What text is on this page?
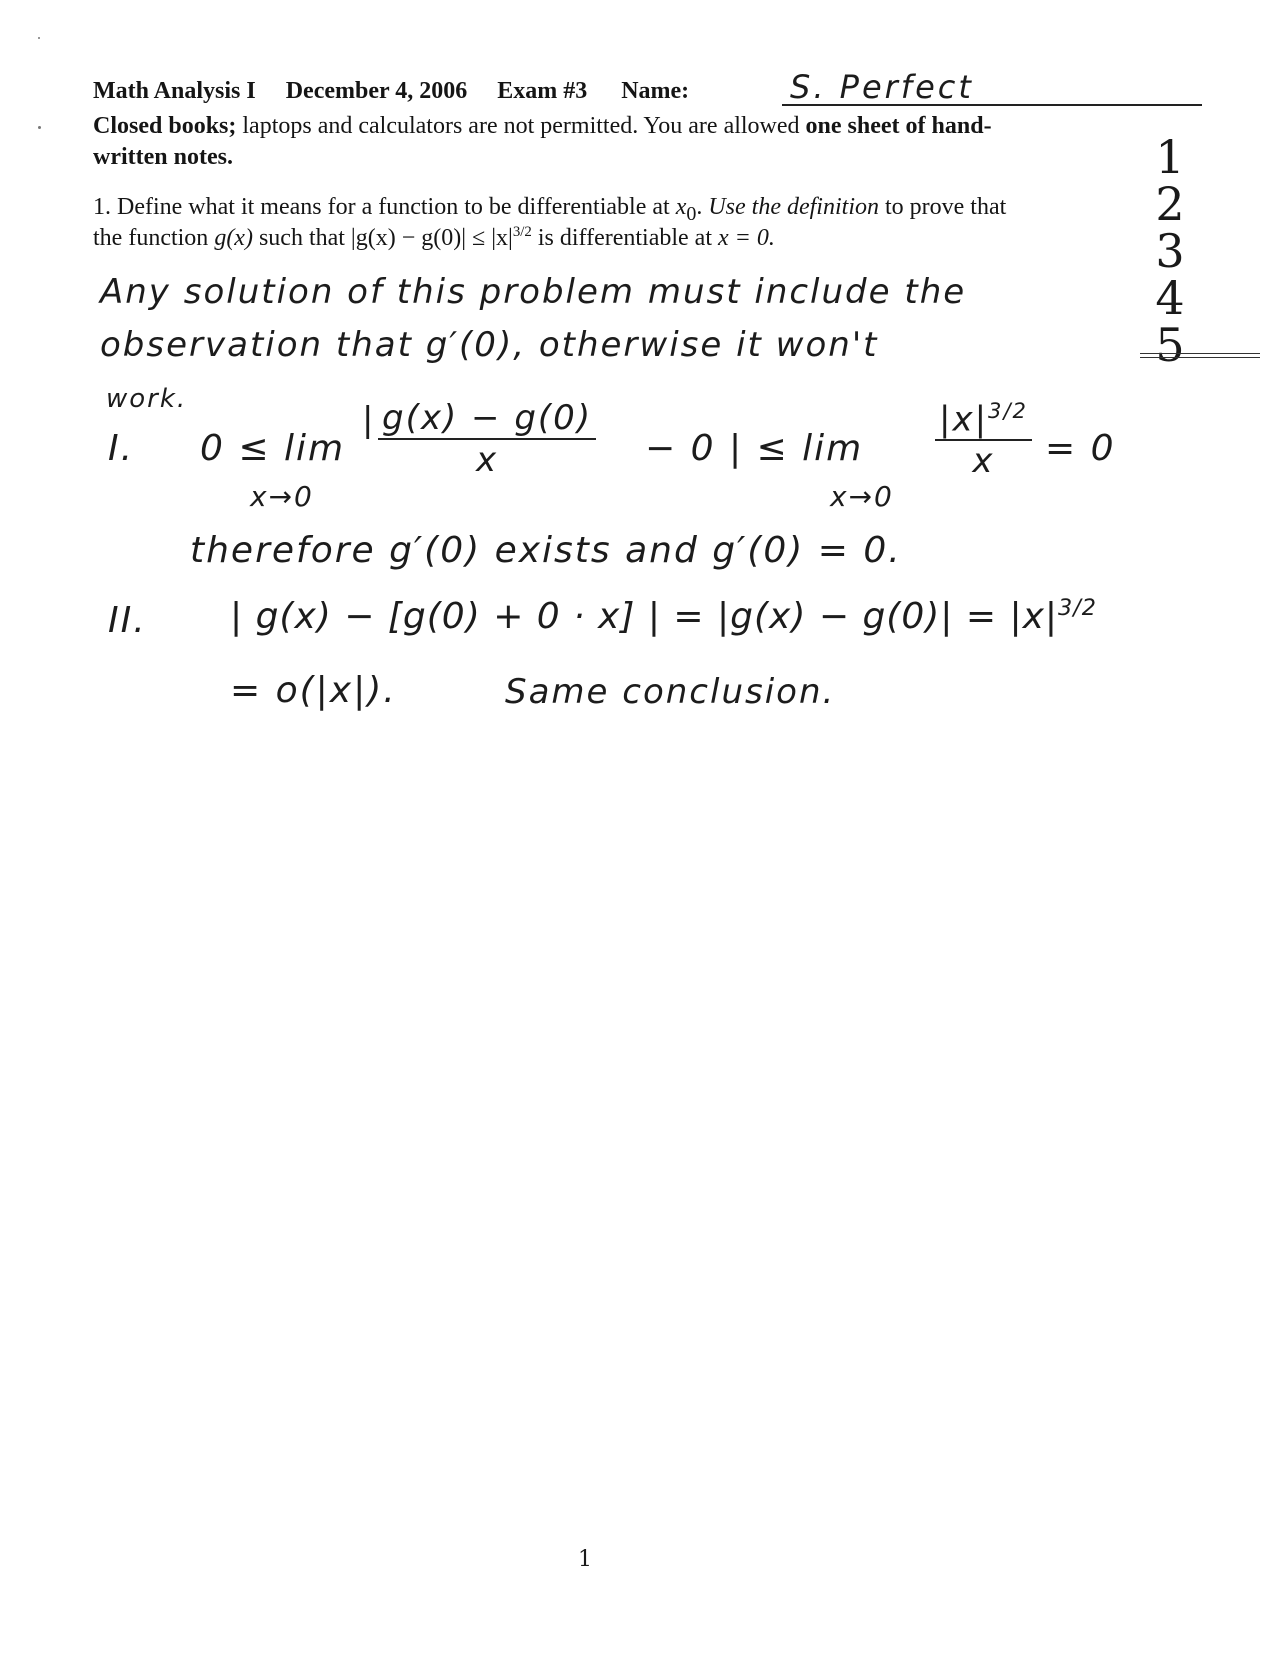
Math Analysis I December 4, 2006 Exam #3 Name:	S. Perfect
Closed books; laptops and calculators are not permitted. You are allowed one sheet of hand-
written notes.	1
2
3
4
5
1. Define what it means for a function to be differentiable at $x_0$. Use the definition to prove that
the function g(x) such that $|g(x) - g(0)| \le |x|^{3/2}$ is differentiable at x = 0.
Any solution of this problem must include the
observation that g′(0), otherwise it won't
work.
I. 0 ≤ lim
x→0
| $\frac{g(x) - g(0)}{x} - 0$ | ≤ lim
x→0
$\frac{|x|^{3/2}}{x} = 0$
therefore g′(0) exists and g′(0) = 0.
II. | g(x) − [g(0) + 0 · x] | = $|g(x) - g(0)| = |x|^{3/2}$
= o(|x|).	Same conclusion.
1
